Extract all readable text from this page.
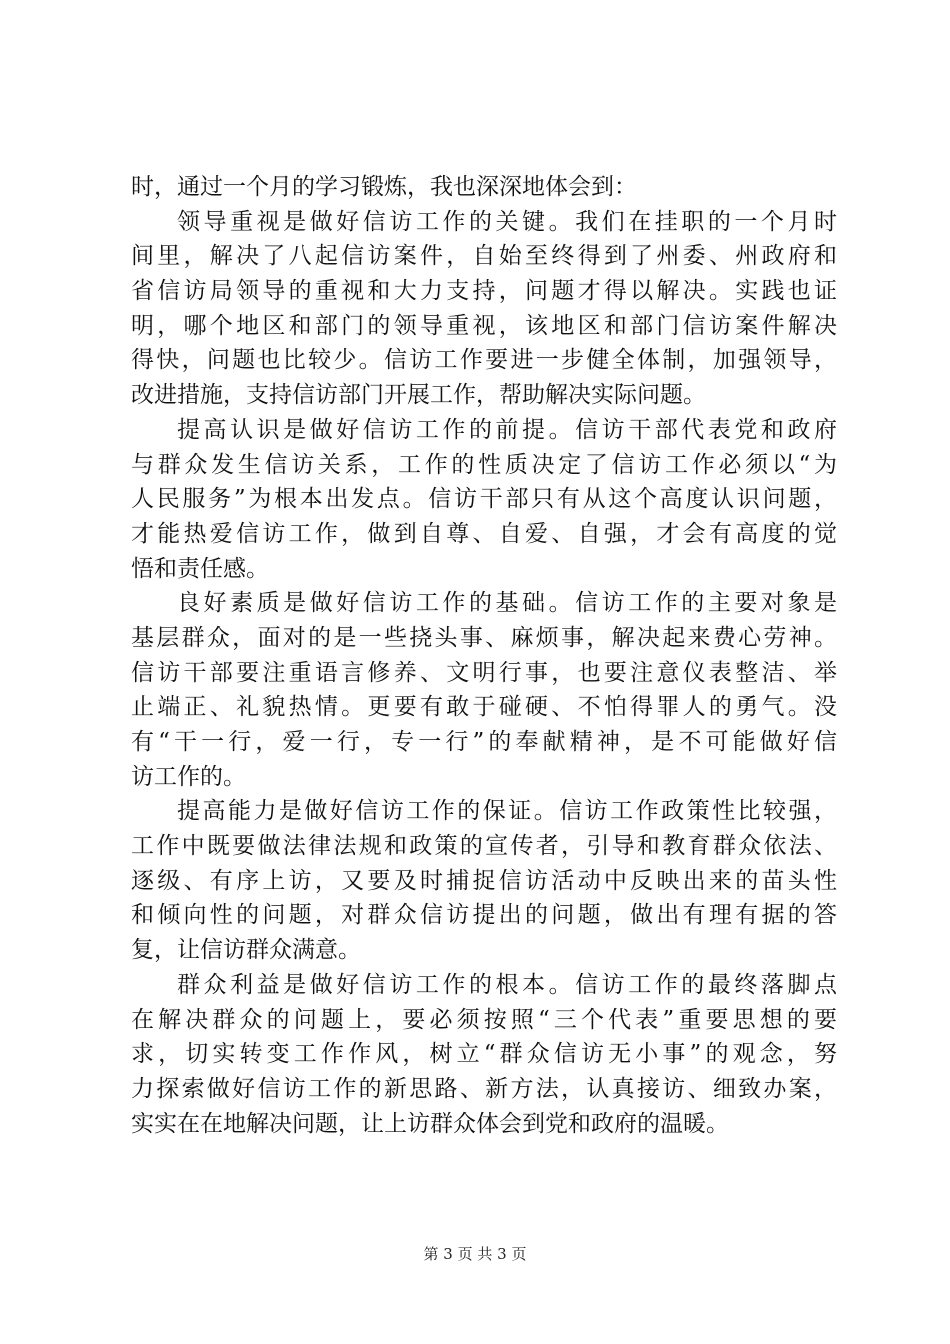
时，通过一个月的学习锻炼，我也深深地体会到：
领导重视是做好信访工作的关键。我们在挂职的一个月时
间里，解决了八起信访案件，自始至终得到了州委、州政府和
省信访局领导的重视和大力支持，问题才得以解决。实践也证
明，哪个地区和部门的领导重视，该地区和部门信访案件解决
得快，问题也比较少。信访工作要进一步健全体制，加强领导，
改进措施，支持信访部门开展工作，帮助解决实际问题。
提高认识是做好信访工作的前提。信访干部代表党和政府
与群众发生信访关系，工作的性质决定了信访工作必须以“为
人民服务”为根本出发点。信访干部只有从这个高度认识问题，
才能热爱信访工作，做到自尊、自爱、自强，才会有高度的觉
悟和责任感。
良好素质是做好信访工作的基础。信访工作的主要对象是
基层群众，面对的是一些挠头事、麻烦事，解决起来费心劳神。
信访干部要注重语言修养、文明行事，也要注意仪表整洁、举
止端正、礼貌热情。更要有敢于碰硬、不怕得罪人的勇气。没
有“干一行，爱一行，专一行”的奉献精神，是不可能做好信
访工作的。
提高能力是做好信访工作的保证。信访工作政策性比较强，
工作中既要做法律法规和政策的宣传者，引导和教育群众依法、
逐级、有序上访，又要及时捕捉信访活动中反映出来的苗头性
和倾向性的问题，对群众信访提出的问题，做出有理有据的答
复，让信访群众满意。
群众利益是做好信访工作的根本。信访工作的最终落脚点
在解决群众的问题上，要必须按照“三个代表”重要思想的要
求，切实转变工作作风，树立“群众信访无小事”的观念，努
力探索做好信访工作的新思路、新方法，认真接访、细致办案，
实实在在地解决问题，让上访群众体会到党和政府的温暖。
第 3 页 共 3 页
